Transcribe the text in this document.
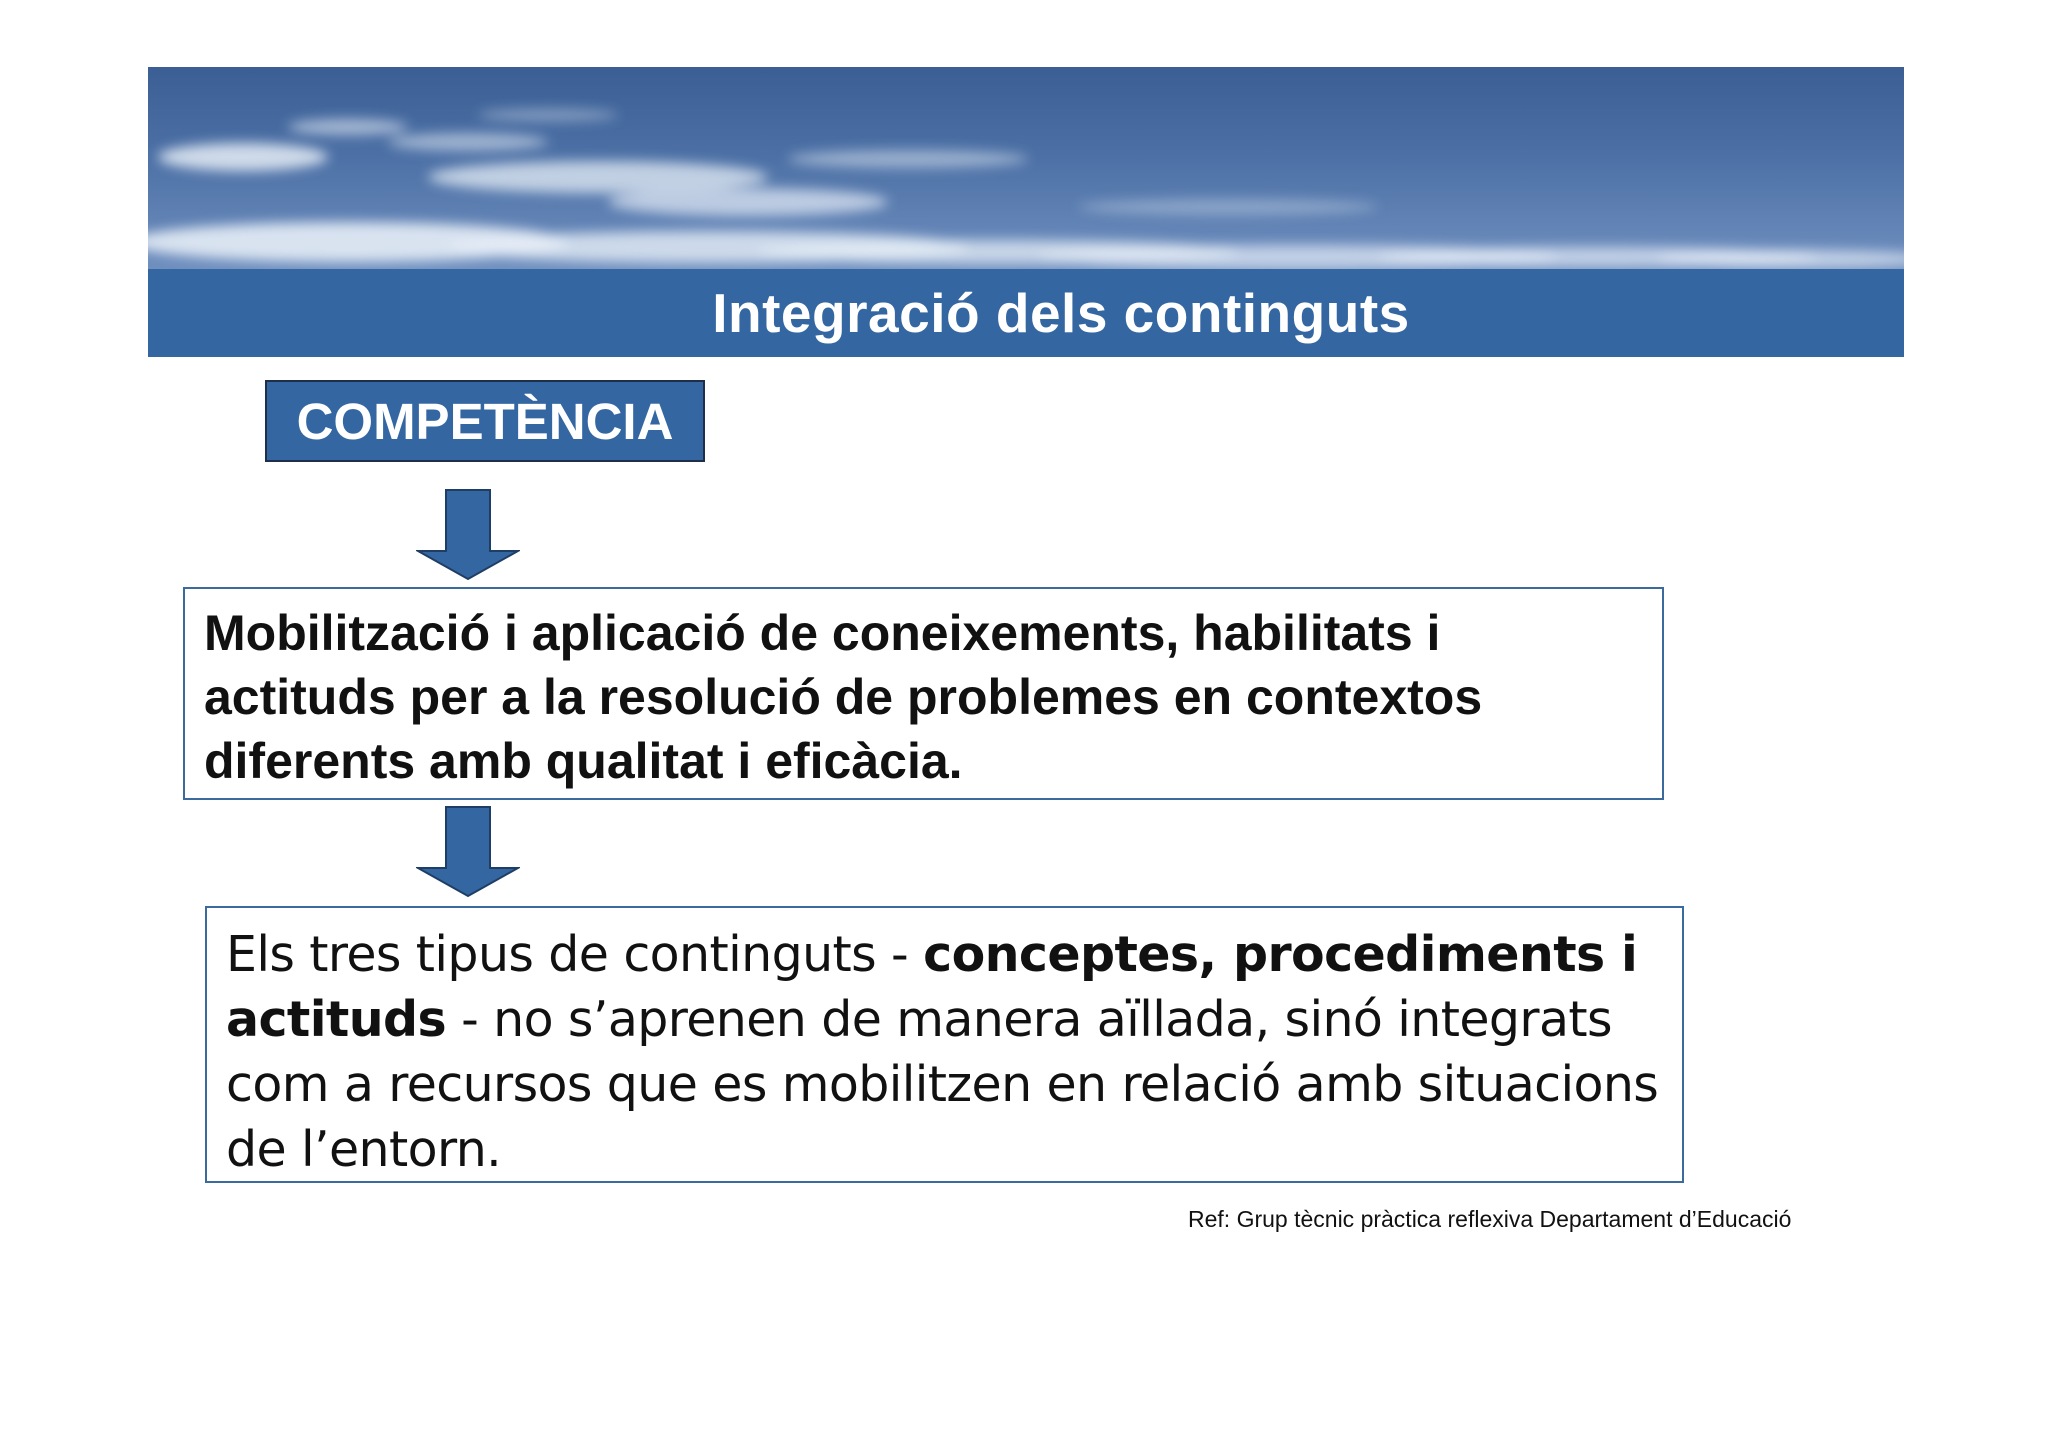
Integració dels continguts
COMPETÈNCIA
Mobilització i aplicació de coneixements, habilitats i actituds per a la resolució de problemes en contextos diferents amb qualitat i eficàcia.
Els tres tipus de continguts - conceptes, procediments i actituds - no s’aprenen de manera aïllada, sinó integrats com a recursos que es mobilitzen en relació amb situacions de l’entorn.
Ref: Grup tècnic pràctica reflexiva Departament d’Educació
